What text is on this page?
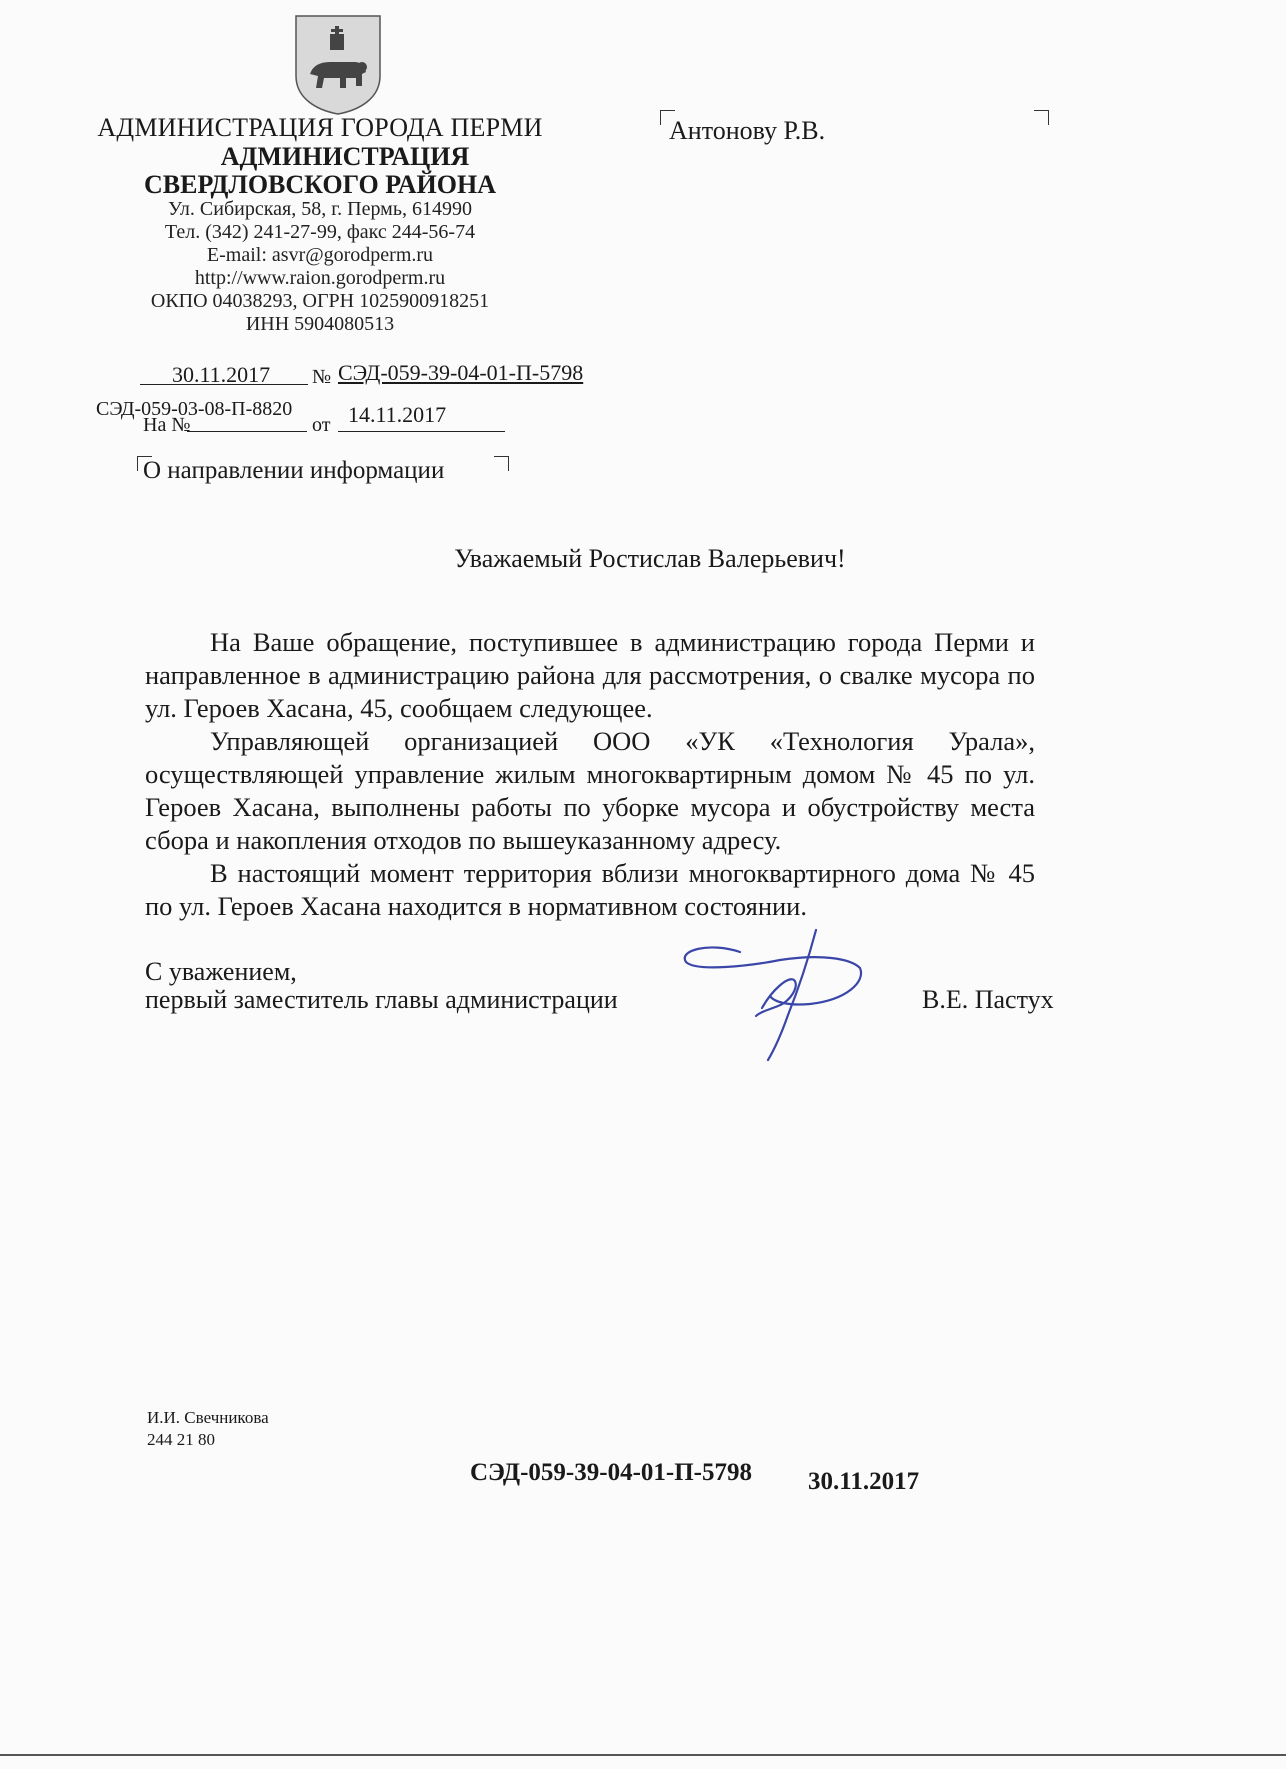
АДМИНИСТРАЦИЯ ГОРОДА ПЕРМИ
АДМИНИСТРАЦИЯ
СВЕРДЛОВСКОГО РАЙОНА
Ул. Сибирская, 58, г. Пермь, 614990
Тел. (342) 241-27-99, факс 244-56-74
E-mail: asvr@gorodperm.ru
http://www.raion.gorodperm.ru
ОКПО 04038293, ОГРН 1025900918251
ИНН 5904080513
Антонову Р.В.
30.11.2017 № СЭД-059-39-04-01-П-5798
СЭД-059-03-08-П-8820
На №	от 14.11.2017
О направлении информации
Уважаемый Ростислав Валерьевич!

На Ваше обращение, поступившее в администрацию города Перми и направленное в администрацию района для рассмотрения, о свалке мусора по ул. Героев Хасана, 45, сообщаем следующее.

Управляющей организацией ООО «УК «Технология Урала», осуществляющей управление жилым многоквартирным домом № 45 по ул. Героев Хасана, выполнены работы по уборке мусора и обустройству места сбора и накопления отходов по вышеуказанному адресу.

В настоящий момент территория вблизи многоквартирного дома № 45 по ул. Героев Хасана находится в нормативном состоянии.

С уважением,
первый заместитель главы администрации	В.Е. Пастух
И.И. Свечникова
244 21 80
СЭД-059-39-04-01-П-5798 30.11.2017
